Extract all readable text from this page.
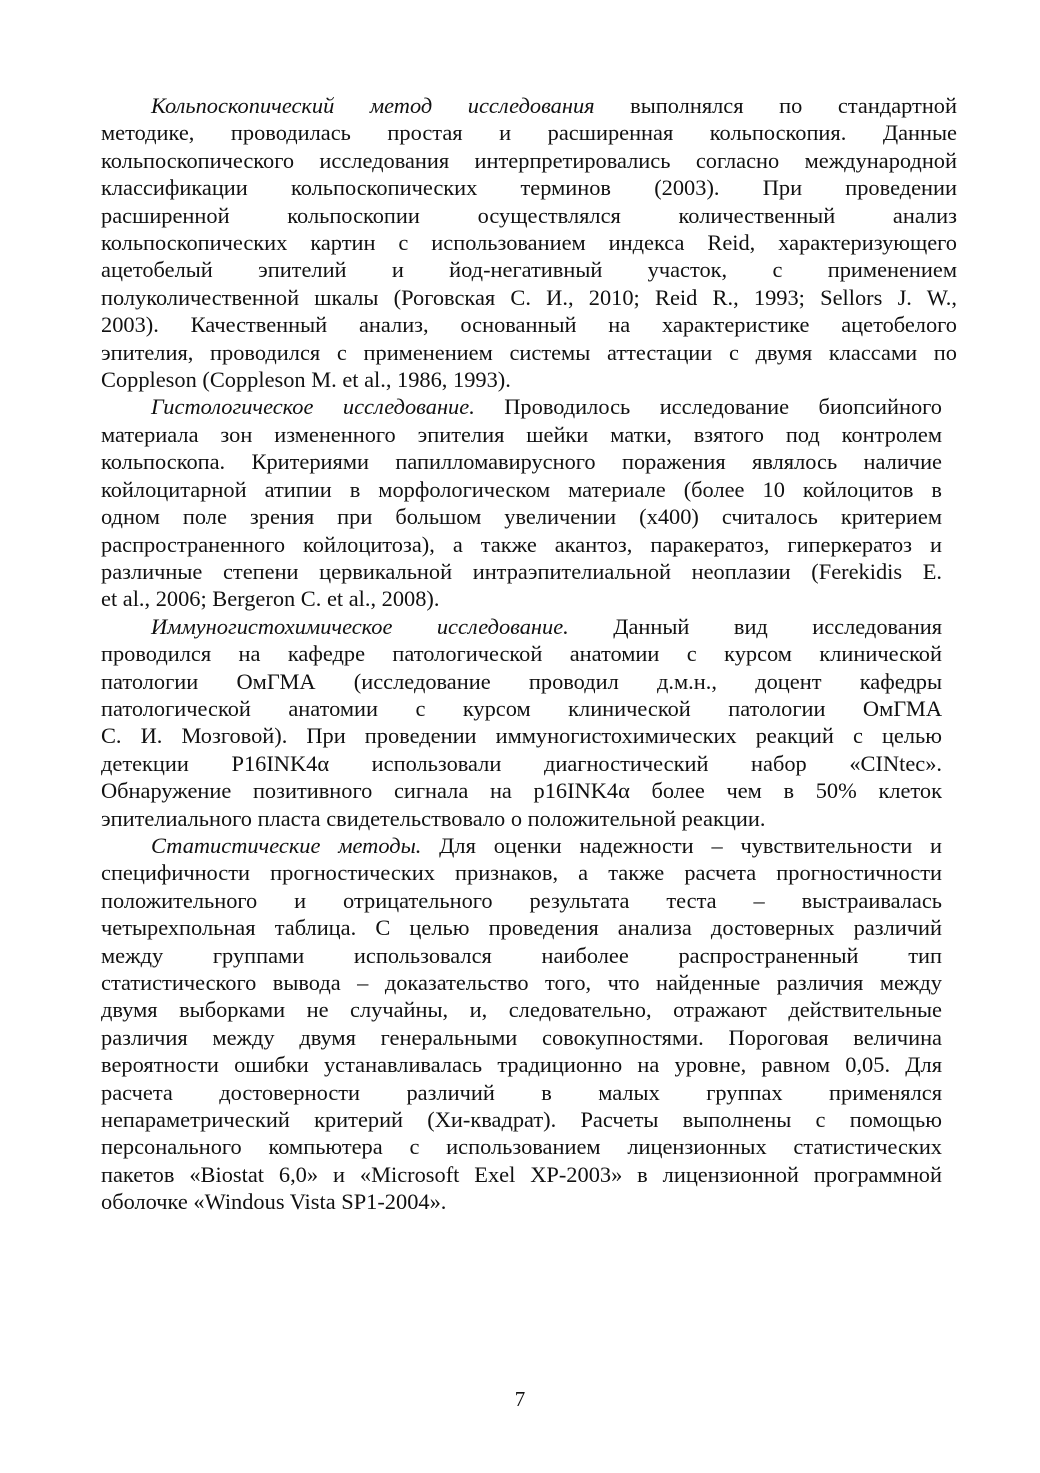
Кольпоскопический метод исследования выполнялся по стандартной
методике, проводилась простая и расширенная кольпоскопия. Данные
кольпоскопического исследования интерпретировались согласно международной
классификации кольпоскопических терминов (2003). При проведении
расширенной кольпоскопии осуществлялся количественный анализ
кольпоскопических картин с использованием индекса Reid, характеризующего
ацетобелый эпителий и йод-негативный участок, с применением
полуколичественной шкалы (Роговская С. И., 2010; Reid R., 1993; Sellors J. W.,
2003). Качественный анализ, основанный на характеристике ацетобелого
эпителия, проводился с применением системы аттестации с двумя классами по
Coppleson (Coppleson M. et al., 1986, 1993).

Гистологическое исследование. Проводилось исследование биопсийного
материала зон измененного эпителия шейки матки, взятого под контролем
кольпоскопа. Критериями папилломавирусного поражения являлось наличие
койлоцитарной атипии в морфологическом материале (более 10 койлоцитов в
одном поле зрения при большом увеличении (х400) считалось критерием
распространенного койлоцитоза), а также акантоз, паракератоз, гиперкератоз и
различные степени цервикальной интраэпителиальной неоплазии (Ferekidis E.
et al., 2006; Bergeron C. et al., 2008).

Иммуногистохимическое исследование. Данный вид исследования
проводился на кафедре патологической анатомии с курсом клинической
патологии ОмГМА (исследование проводил д.м.н., доцент кафедры
патологической анатомии с курсом клинической патологии ОмГМА
С. И. Мозговой). При проведении иммуногистохимических реакций с целью
детекции P16INK4α использовали диагностический набор «CINtec».
Обнаружение позитивного сигнала на p16INK4α более чем в 50% клеток
эпителиального пласта свидетельствовало о положительной реакции.

Статистические методы. Для оценки надежности – чувствительности и
специфичности прогностических признаков, а также расчета прогностичности
положительного и отрицательного результата теста – выстраивалась
четырехпольная таблица. С целью проведения анализа достоверных различий
между группами использовался наиболее распространенный тип
статистического вывода – доказательство того, что найденные различия между
двумя выборками не случайны, и, следовательно, отражают действительные
различия между двумя генеральными совокупностями. Пороговая величина
вероятности ошибки устанавливалась традиционно на уровне, равном 0,05. Для
расчета достоверности различий в малых группах применялся
непараметрический критерий (Хи-квадрат). Расчеты выполнены с помощью
персонального компьютера с использованием лицензионных статистических
пакетов «Biostat 6,0» и «Microsoft Exel XP-2003» в лицензионной программной
оболочке «Windous Vista SP1-2004».

7
